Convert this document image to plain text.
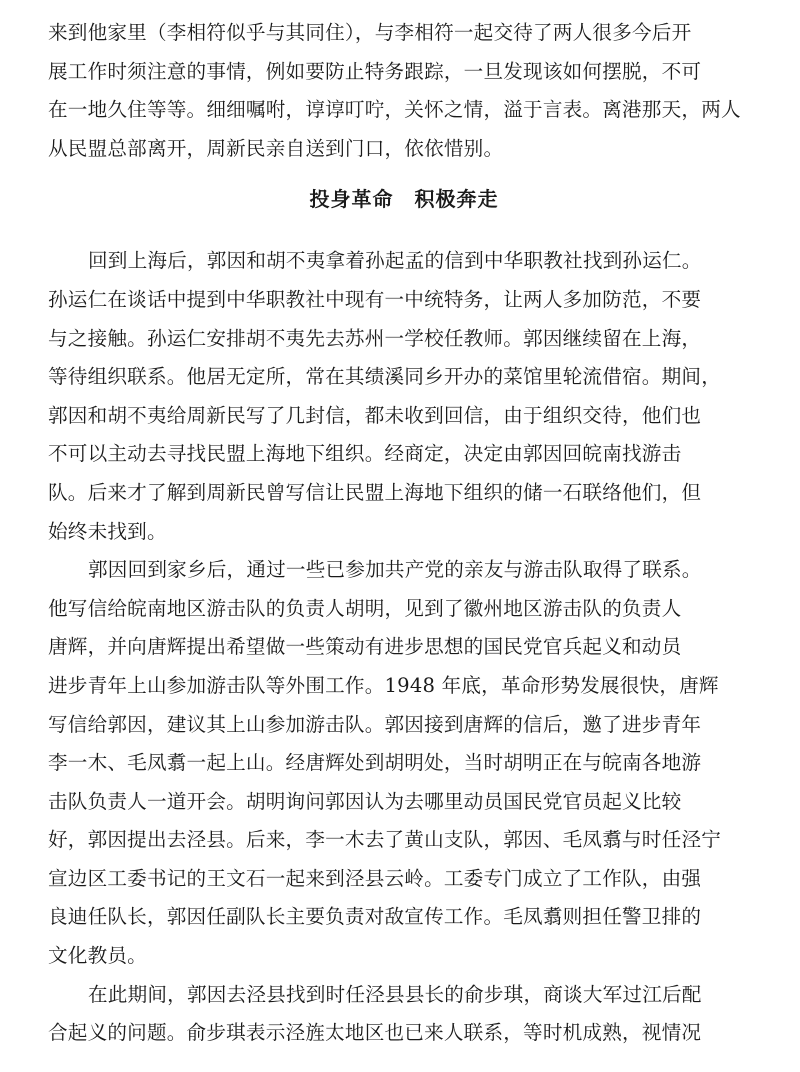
来到他家里（李相符似乎与其同住），与李相符一起交待了两人很多今后开
展工作时须注意的事情，例如要防止特务跟踪，一旦发现该如何摆脱，不可
在一地久住等等。细细嘱咐，谆谆叮咛，关怀之情，溢于言表。离港那天，两人
从民盟总部离开，周新民亲自送到门口，依依惜别。
投身革命　积极奔走
回到上海后，郭因和胡不夷拿着孙起孟的信到中华职教社找到孙运仁。
孙运仁在谈话中提到中华职教社中现有一中统特务，让两人多加防范，不要
与之接触。孙运仁安排胡不夷先去苏州一学校任教师。郭因继续留在上海，
等待组织联系。他居无定所，常在其绩溪同乡开办的菜馆里轮流借宿。期间，
郭因和胡不夷给周新民写了几封信，都未收到回信，由于组织交待，他们也
不可以主动去寻找民盟上海地下组织。经商定，决定由郭因回皖南找游击
队。后来才了解到周新民曾写信让民盟上海地下组织的储一石联络他们，但
始终未找到。
郭因回到家乡后，通过一些已参加共产党的亲友与游击队取得了联系。
他写信给皖南地区游击队的负责人胡明，见到了徽州地区游击队的负责人
唐辉，并向唐辉提出希望做一些策动有进步思想的国民党官兵起义和动员
进步青年上山参加游击队等外围工作。1948 年底，革命形势发展很快，唐辉
写信给郭因，建议其上山参加游击队。郭因接到唐辉的信后，邀了进步青年
李一木、毛凤翥一起上山。经唐辉处到胡明处，当时胡明正在与皖南各地游
击队负责人一道开会。胡明询问郭因认为去哪里动员国民党官员起义比较
好，郭因提出去泾县。后来，李一木去了黄山支队，郭因、毛凤翥与时任泾宁
宣边区工委书记的王文石一起来到泾县云岭。工委专门成立了工作队，由强
良迪任队长，郭因任副队长主要负责对敌宣传工作。毛凤翥则担任警卫排的
文化教员。
在此期间，郭因去泾县找到时任泾县县长的俞步琪，商谈大军过江后配
合起义的问题。俞步琪表示泾旌太地区也已来人联系，等时机成熟，视情况
